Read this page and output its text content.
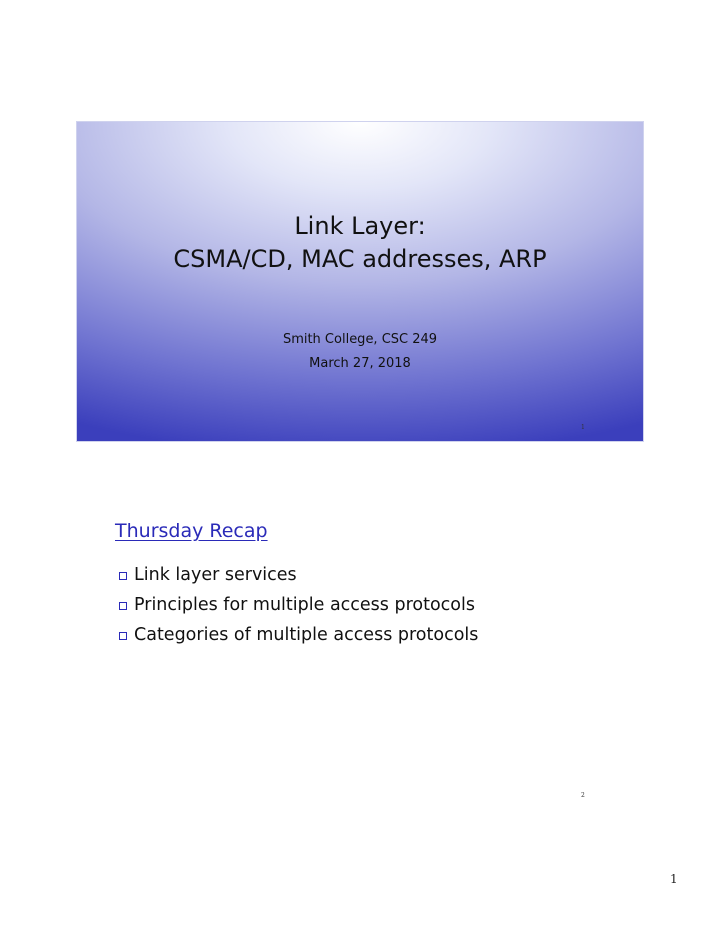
Link Layer:
CSMA/CD, MAC addresses, ARP
Smith College, CSC 249
March 27, 2018
1
Thursday Recap
Link layer services
Principles for multiple access protocols
Categories of multiple access protocols
2
1
